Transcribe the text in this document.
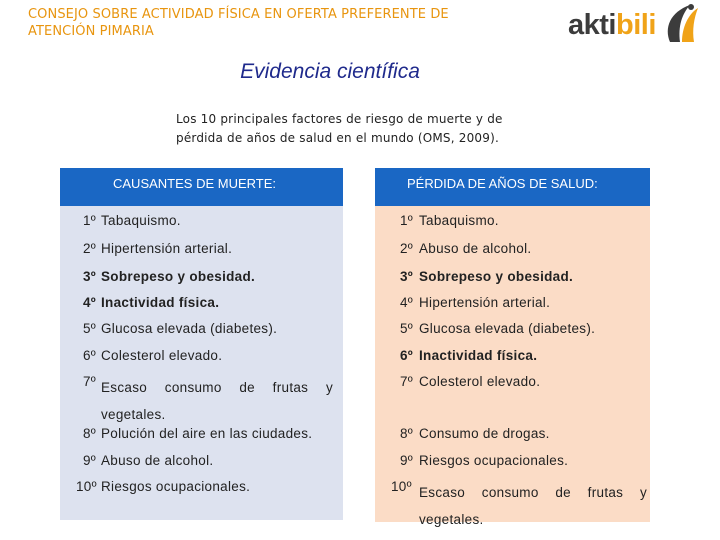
CONSEJO SOBRE ACTIVIDAD FÍSICA EN OFERTA PREFERENTE DE ATENCIÓN PIMARIA	aktibili
Evidencia científica
Los 10 principales factores de riesgo de muerte y de pérdida de años de salud en el mundo (OMS, 2009).
CAUSANTES DE MUERTE:	PÉRDIDA DE AÑOS DE SALUD:
1º Tabaquismo.
2º Hipertensión arterial.
3º Sobrepeso y obesidad.
4º Inactividad física.
5º Glucosa elevada (diabetes).
6º Colesterol elevado.
7º Escaso consumo de frutas y vegetales.
8º Polución del aire en las ciudades.
9º Abuso de alcohol.
10º Riesgos ocupacionales.
1º Tabaquismo.
2º Abuso de alcohol.
3º Sobrepeso y obesidad.
4º Hipertensión arterial.
5º Glucosa elevada (diabetes).
6º Inactividad física.
7º Colesterol elevado.
8º Consumo de drogas.
9º Riesgos ocupacionales.
10º Escaso consumo de frutas y vegetales.
